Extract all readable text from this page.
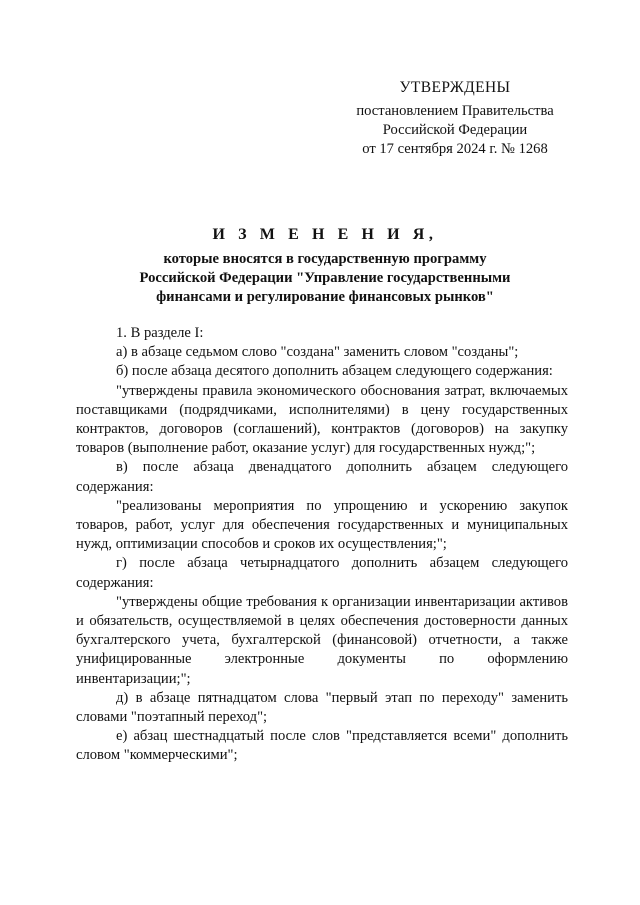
УТВЕРЖДЕНЫ
постановлением Правительства
Российской Федерации
от 17 сентября 2024 г. № 1268
И З М Е Н Е Н И Я,
которые вносятся в государственную программу
Российской Федерации "Управление государственными
финансами и регулирование финансовых рынков"

1. В разделе I:

а) в абзаце седьмом слово "создана" заменить словом "созданы";

б) после абзаца десятого дополнить абзацем следующего содержания:

"утверждены правила экономического обоснования затрат, включаемых поставщиками (подрядчиками, исполнителями) в цену государственных контрактов, договоров (соглашений), контрактов (договоров) на закупку товаров (выполнение работ, оказание услуг) для государственных нужд;";

в) после абзаца двенадцатого дополнить абзацем следующего содержания:

"реализованы мероприятия по упрощению и ускорению закупок товаров, работ, услуг для обеспечения государственных и муниципальных нужд, оптимизации способов и сроков их осуществления;";

г) после абзаца четырнадцатого дополнить абзацем следующего содержания:

"утверждены общие требования к организации инвентаризации активов и обязательств, осуществляемой в целях обеспечения достоверности данных бухгалтерского учета, бухгалтерской (финансовой) отчетности, а также унифицированные электронные документы по оформлению инвентаризации;";

д) в абзаце пятнадцатом слова "первый этап по переходу" заменить словами "поэтапный переход";

е) абзац шестнадцатый после слов "представляется всеми" дополнить словом "коммерческими";
